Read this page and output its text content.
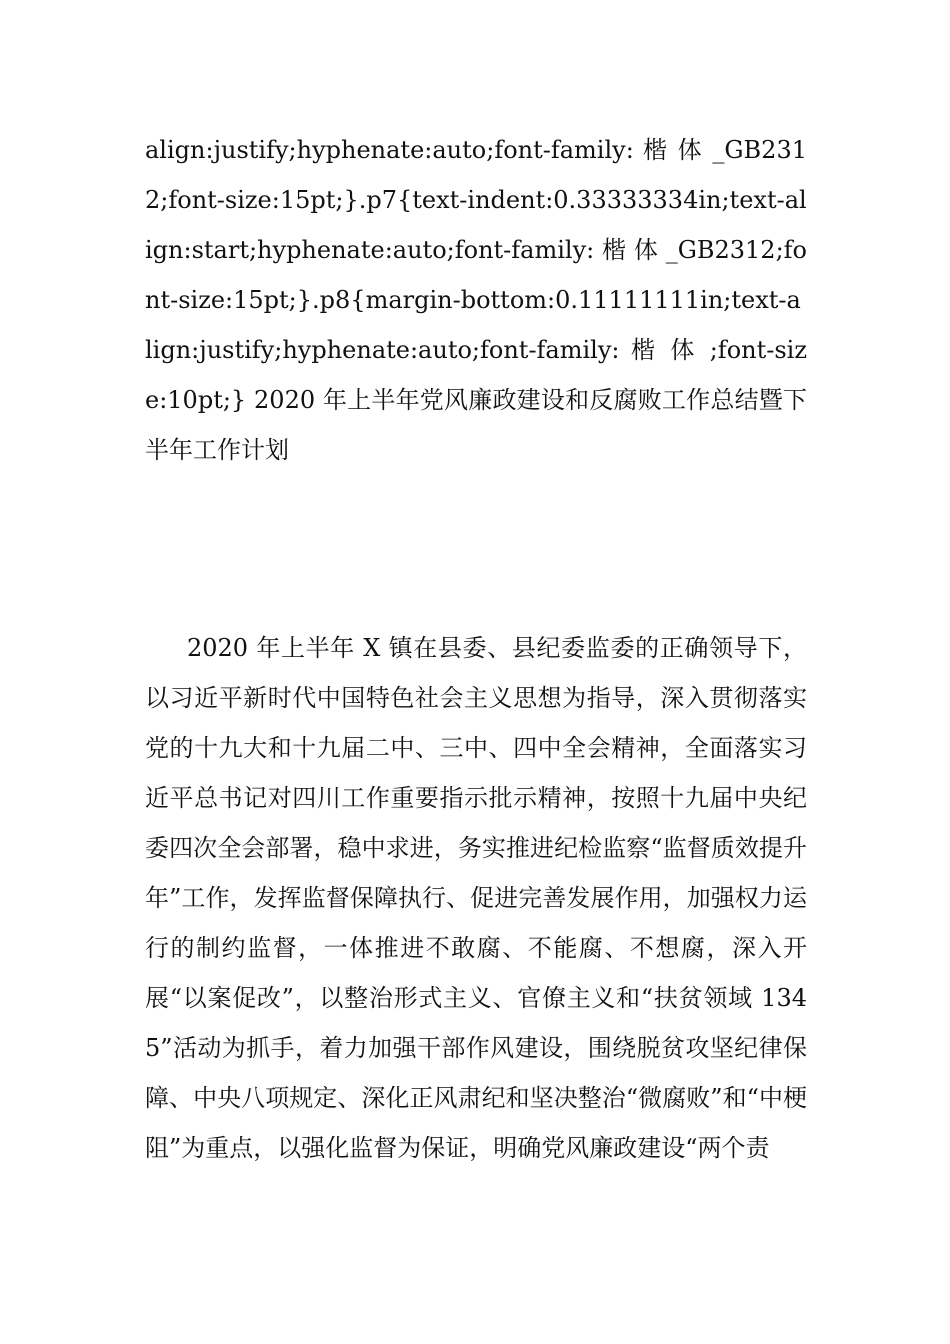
align:justify;hyphenate:auto;font-family: 楷 体 _GB2312;font-size:15pt;}.p7{text-indent:0.33333334in;text-align:start;hyphenate:auto;font-family: 楷 体 _GB2312;font-size:15pt;}.p8{margin-bottom:0.11111111in;text-align:justify;hyphenate:auto;font-family: 楷 体 ;font-size:10pt;} 2020 年上半年党风廉政建设和反腐败工作总结暨下半年工作计划
2020 年上半年 X 镇在县委、县纪委监委的正确领导下，以习近平新时代中国特色社会主义思想为指导，深入贯彻落实党的十九大和十九届二中、三中、四中全会精神，全面落实习近平总书记对四川工作重要指示批示精神，按照十九届中央纪委四次全会部署，稳中求进，务实推进纪检监察“监督质效提升年”工作，发挥监督保障执行、促进完善发展作用，加强权力运行的制约监督，一体推进不敢腐、不能腐、不想腐，深入开展“以案促改”，以整治形式主义、官僚主义和“扶贫领域 1345”活动为抓手，着力加强干部作风建设，围绕脱贫攻坚纪律保障、中央八项规定、深化正风肃纪和坚决整治“微腐败”和“中梗阻”为重点，以强化监督为保证，明确党风廉政建设“两个责
